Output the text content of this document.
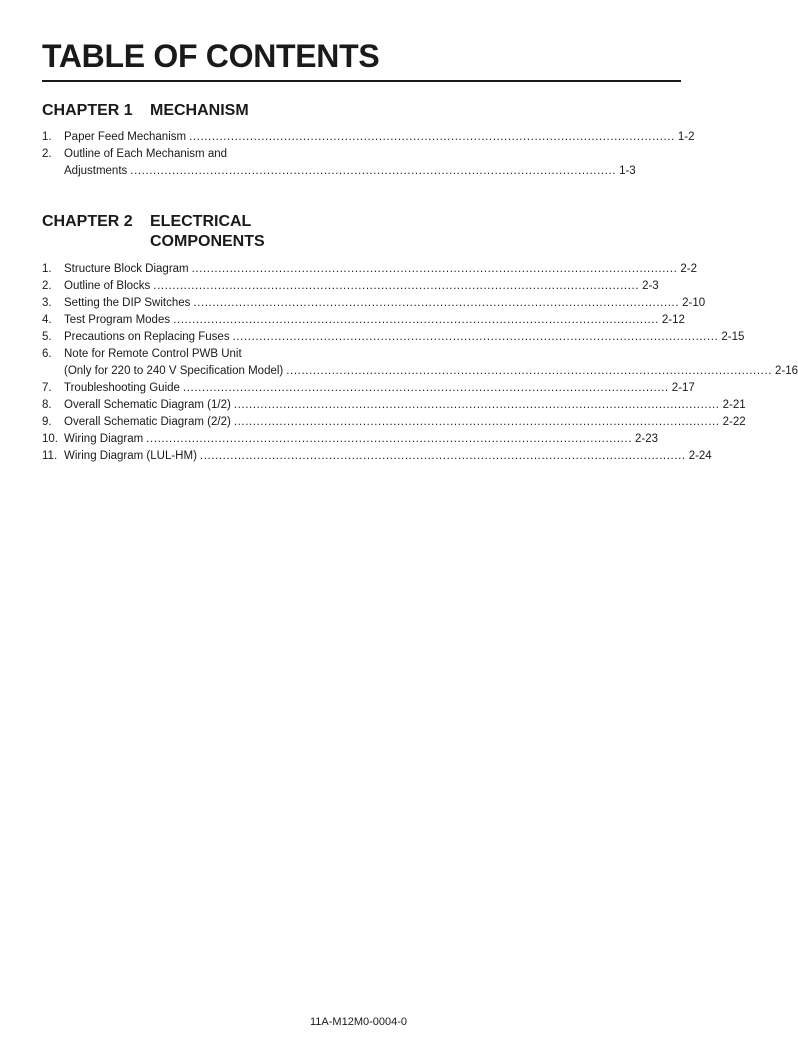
TABLE OF CONTENTS
CHAPTER 1	MECHANISM
1.	Paper Feed Mechanism .....	1-2
2.	Outline of Each Mechanism and
Adjustments .....	1-3
CHAPTER 2	ELECTRICAL
COMPONENTS
1.	Structure Block Diagram .....	2-2
2.	Outline of Blocks .....	2-3
3.	Setting the DIP Switches .....	2-10
4.	Test Program Modes .....	2-12
5.	Precautions on Replacing Fuses .....	2-15
6.	Note for Remote Control PWB Unit
(Only for 220 to 240 V Specification Model) .....	2-16
7.	Troubleshooting Guide .....	2-17
8.	Overall Schematic Diagram (1/2) .....	2-21
9.	Overall Schematic Diagram (2/2) .....	2-22
10. Wiring Diagram .....	2-23
11. Wiring Diagram (LUL-HM) .....	2-24
11A-M12M0-0004-0
